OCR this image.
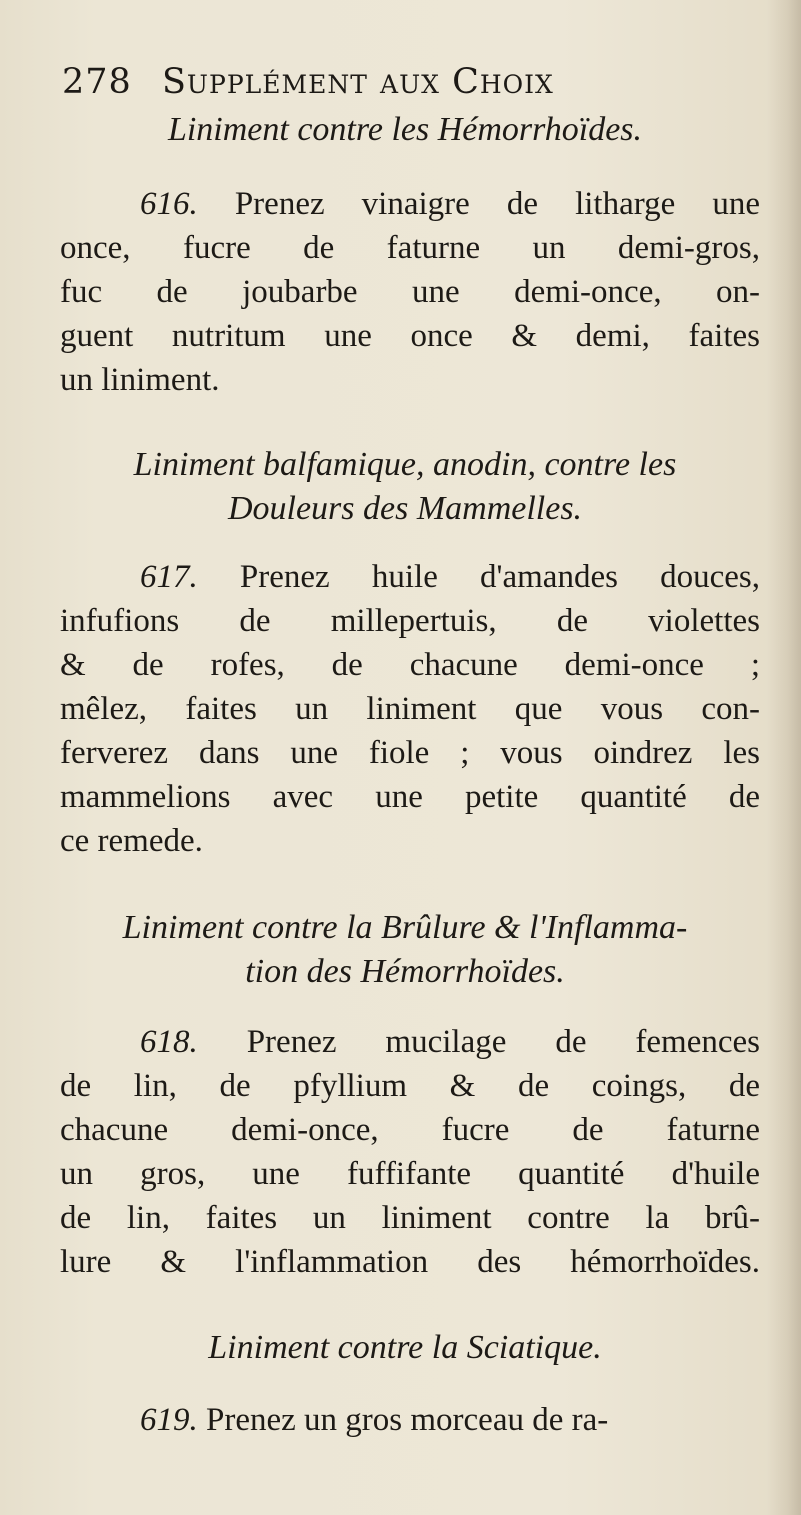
278 Supplément aux Choix
Liniment contre les Hémorrhoïdes.
616. Prenez vinaigre de litharge une
once, fucre de faturne un demi-gros,
fuc de joubarbe une demi-once, on-
guent nutritum une once & demi, faites
un liniment.
Liniment balfamique, anodin, contre les
Douleurs des Mammelles.
617. Prenez huile d'amandes douces,
infufions de millepertuis, de violettes
& de rofes, de chacune demi-once ;
mêlez, faites un liniment que vous con-
ferverez dans une fiole ; vous oindrez les
mammelions avec une petite quantité de
ce remede.
Liniment contre la Brûlure & l'Inflamma-
tion des Hémorrhoïdes.
618. Prenez mucilage de femences
de lin, de pfyllium & de coings, de
chacune demi-once, fucre de faturne
un gros, une fuffifante quantité d'huile
de lin, faites un liniment contre la brû-
lure & l'inflammation des hémorrhoïdes.
Liniment contre la Sciatique.
619. Prenez un gros morceau de ra-
